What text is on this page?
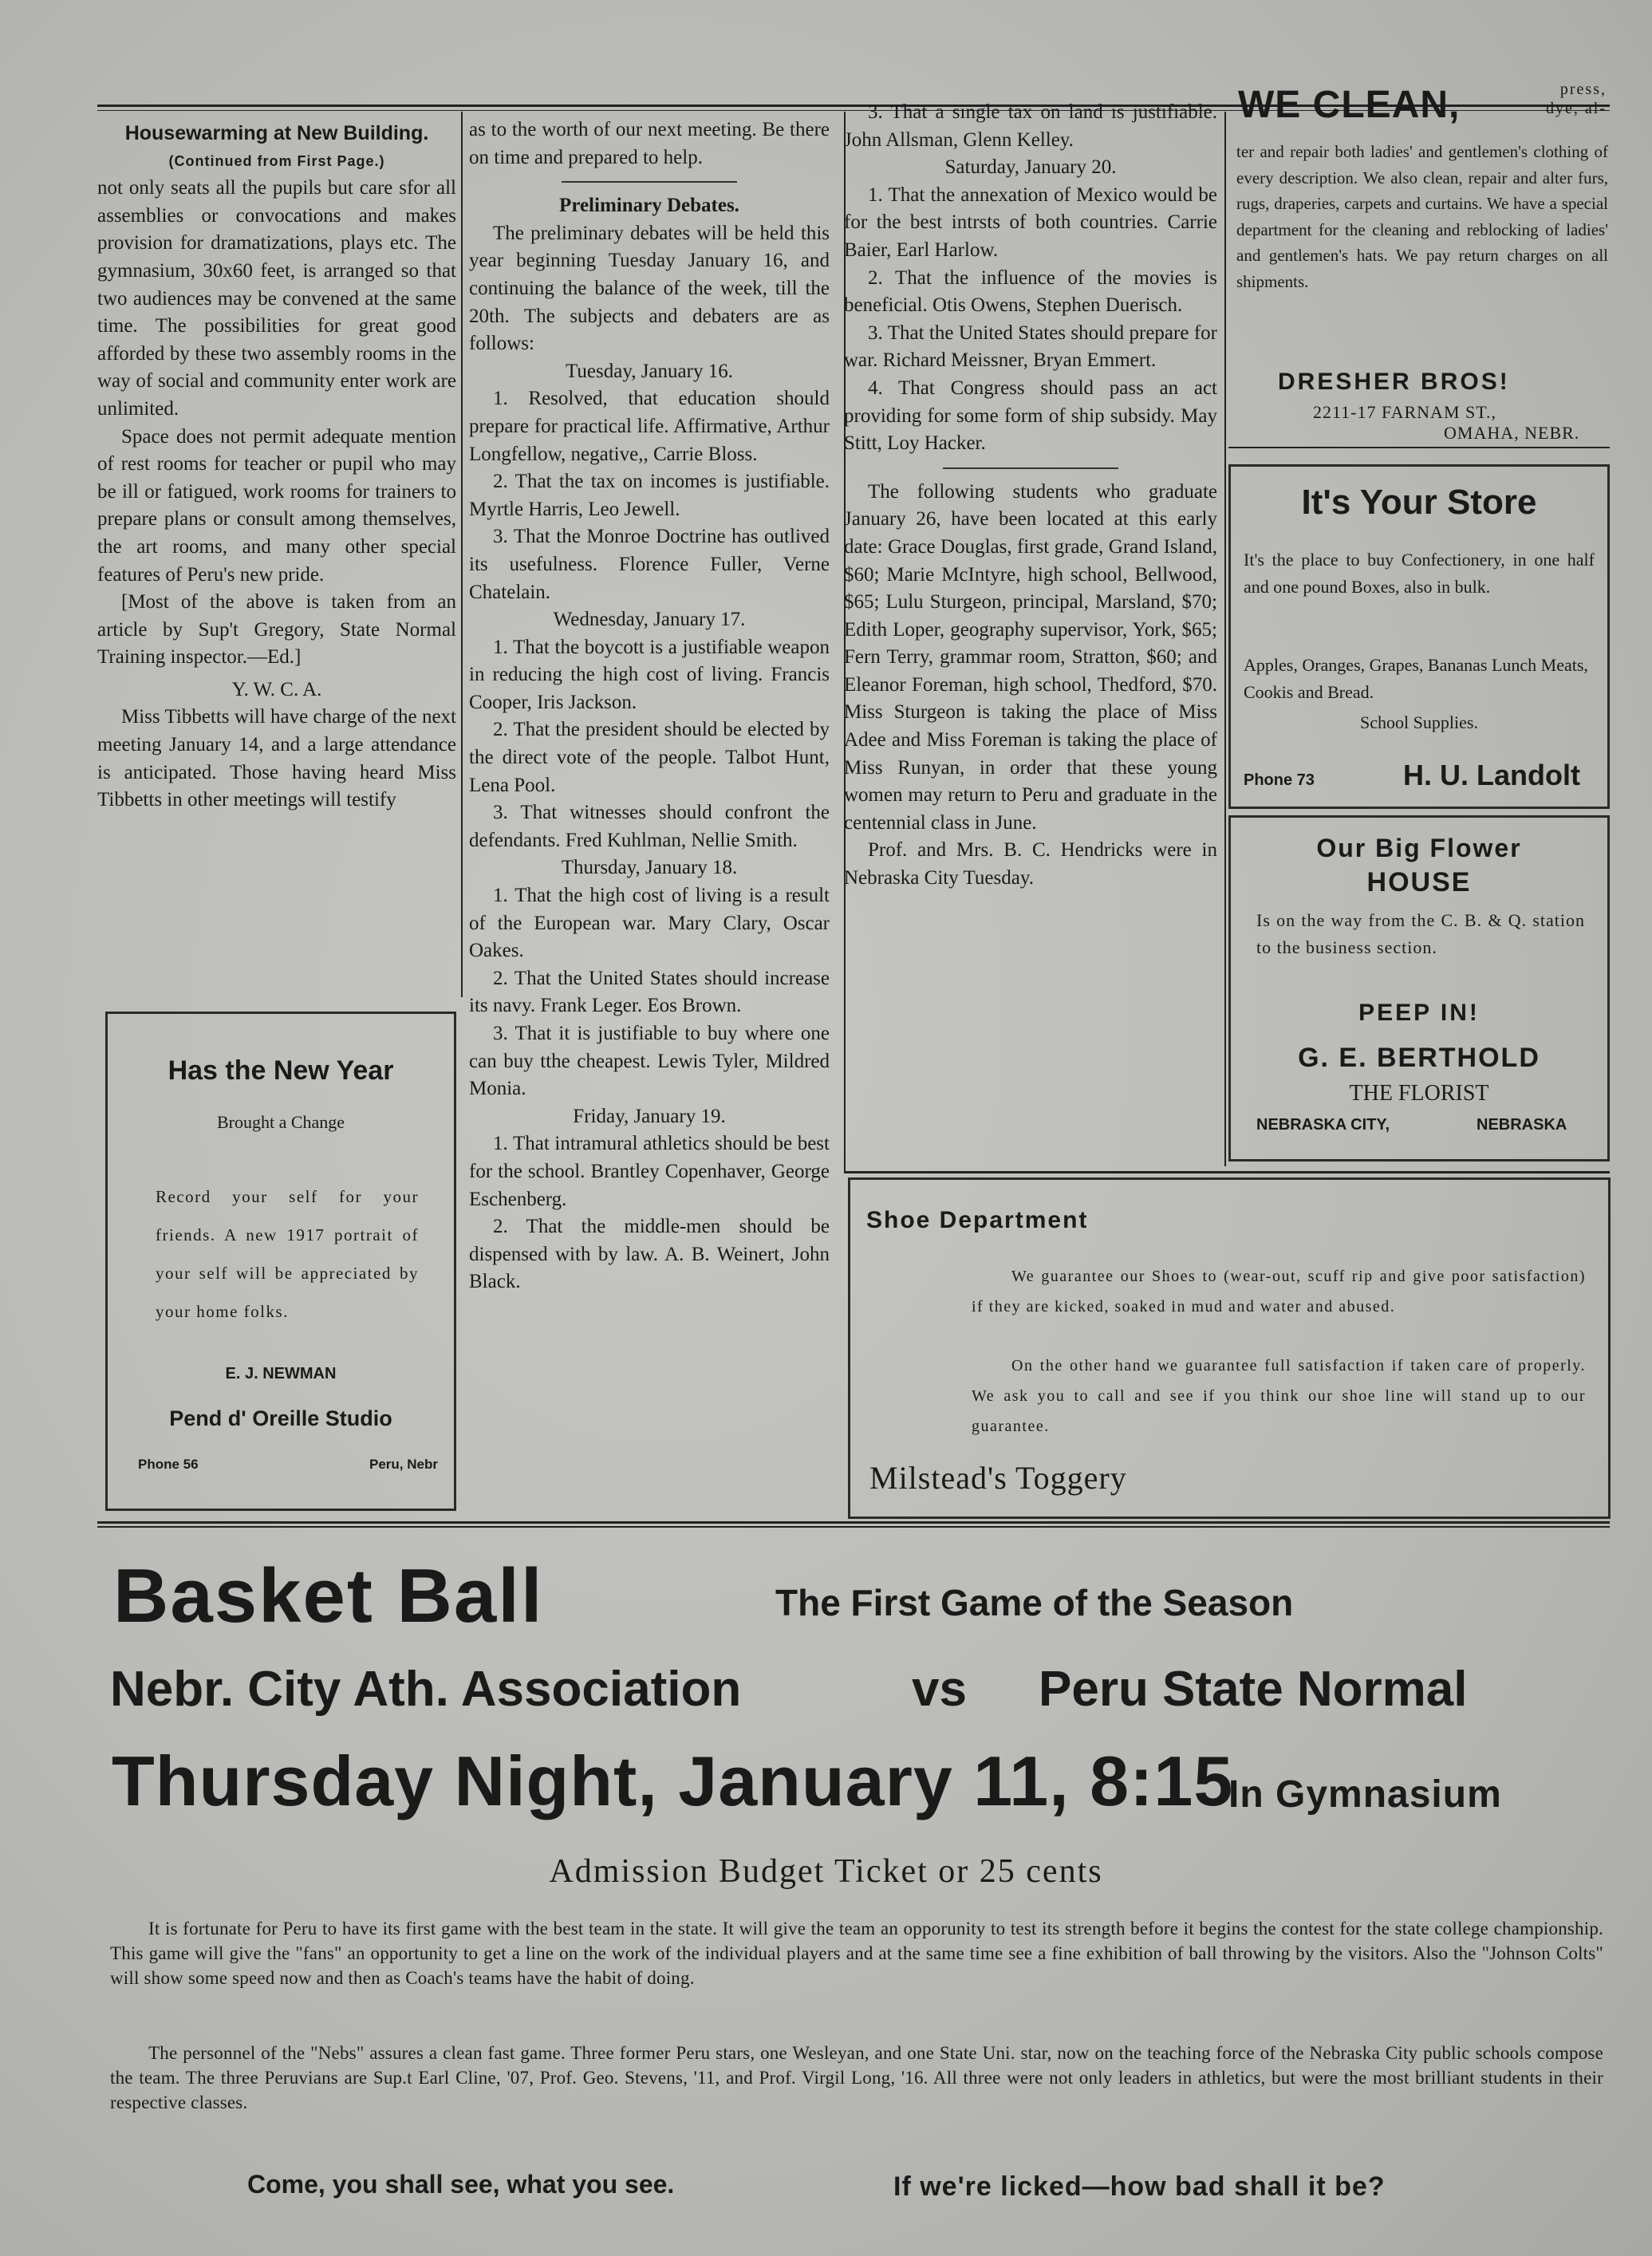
Housewarming at New Building.

(Continued from First Page.)

not only seats all the pupils but care sfor all assemblies or convocations and makes provision for dramatizations, plays etc. The gymnasium, 30x60 feet, is arranged so that two audiences may be convened at the same time. The possibilities for great good afforded by these two assembly rooms in the way of social and community enter work are unlimited.

Space does not permit adequate mention of rest rooms for teacher or pupil who may be ill or fatigued, work rooms for trainers to prepare plans or consult among themselves, the art rooms, and many other special features of Peru's new pride.

[Most of the above is taken from an article by Sup't Gregory, State Normal Training inspector.—Ed.]

Y. W. C. A.

Miss Tibbetts will have charge of the next meeting January 14, and a large attendance is anticipated. Those having heard Miss Tibbetts in other meetings will testify

Has the New Year
Brought a Change
Record your self for your friends. A new 1917 portrait of your self will be appreciated by your home folks.
E. J. NEWMAN
Pend d' Oreille Studio
Phone 56	Peru, Nebr

as to the worth of our next meeting. Be there on time and prepared to help.

Preliminary Debates.

The preliminary debates will be held this year beginning Tuesday January 16, and continuing the balance of the week, till the 20th. The subjects and debaters are as follows:

Tuesday, January 16.

1. Resolved, that education should prepare for practical life. Affirmative, Arthur Longfellow, negative,, Carrie Bloss.

2. That the tax on incomes is justifiable. Myrtle Harris, Leo Jewell.

3. That the Monroe Doctrine has outlived its usefulness. Florence Fuller, Verne Chatelain.

Wednesday, January 17.

1. That the boycott is a justifiable weapon in reducing the high cost of living. Francis Cooper, Iris Jackson.

2. That the president should be elected by the direct vote of the people. Talbot Hunt, Lena Pool.

3. That witnesses should confront the defendants. Fred Kuhlman, Nellie Smith.

Thursday, January 18.

1. That the high cost of living is a result of the European war. Mary Clary, Oscar Oakes.

2. That the United States should increase its navy. Frank Leger. Eos Brown.

3. That it is justifiable to buy where one can buy tthe cheapest. Lewis Tyler, Mildred Monia.

Friday, January 19.

1. That intramural athletics should be best for the school. Brantley Copenhaver, George Eschenberg.

2. That the middle-men should be dispensed with by law. A. B. Weinert, John Black.

3. That a single tax on land is justifiable. John Allsman, Glenn Kelley.

Saturday, January 20.

1. That the annexation of Mexico would be for the best intrsts of both countries. Carrie Baier, Earl Harlow.

2. That the influence of the movies is beneficial. Otis Owens, Stephen Duerisch.

3. That the United States should prepare for war. Richard Meissner, Bryan Emmert.

4. That Congress should pass an act providing for some form of ship subsidy. May Stitt, Loy Hacker.

The following students who graduate January 26, have been located at this early date: Grace Douglas, first grade, Grand Island, $60; Marie McIntyre, high school, Bellwood, $65; Lulu Sturgeon, principal, Marsland, $70; Edith Loper, geography supervisor, York, $65; Fern Terry, grammar room, Stratton, $60; and Eleanor Foreman, high school, Thedford, $70. Miss Sturgeon is taking the place of Miss Adee and Miss Foreman is taking the place of Miss Runyan, in order that these young women may return to Peru and graduate in the centennial class in June.

Prof. and Mrs. B. C. Hendricks were in Nebraska City Tuesday.

WE CLEAN,	press, dye, al-
ter and repair both ladies' and gentlemen's clothing of every description. We also clean, repair and alter furs, rugs, draperies, carpets and curtains. We have a special department for the cleaning and reblocking of ladies' and gentlemen's hats. We pay return charges on all shipments.
DRESHER BROS!
2211-17 FARNAM ST.,
OMAHA, NEBR.
It's Your Store
It's the place to buy Confectionery, in one half and one pound Boxes, also in bulk.
Apples, Oranges, Grapes, Bananas Lunch Meats, Cookis and Bread.
School Supplies.
Phone 73	H. U. Landolt
Our Big Flower
HOUSE
Is on the way from the C. B. & Q. station to the business section.
PEEP IN!
G. E. BERTHOLD
THE FLORIST
NEBRASKA CITY,	NEBRASKA
Shoe Department
We guarantee our Shoes to (wear-out, scuff rip and give poor satisfaction) if they are kicked, soaked in mud and water and abused.
On the other hand we guarantee full satisfaction if taken care of properly. We ask you to call and see if you think our shoe line will stand up to our guarantee.
Milstead's Toggery
Basket Ball	The First Game of the Season
Nebr. City Ath. Association	vs Peru State Normal
Thursday Night, January 11, 8:15
In Gymnasium
Admission Budget Ticket or 25 cents
It is fortunate for Peru to have its first game with the best team in the state. It will give the team an opporunity to test its strength before it begins the contest for the state college championship. This game will give the "fans" an opportunity to get a line on the work of the individual players and at the same time see a fine exhibition of ball throwing by the visitors. Also the "Johnson Colts" will show some speed now and then as Coach's teams have the habit of doing.
The personnel of the "Nebs" assures a clean fast game. Three former Peru stars, one Wesleyan, and one State Uni. star, now on the teaching force of the Nebraska City public schools compose the team. The three Peruvians are Sup.t Earl Cline, '07, Prof. Geo. Stevens, '11, and Prof. Virgil Long, '16. All three were not only leaders in athletics, but were the most brilliant students in their respective classes.
Come, you shall see, what you see.	If we're licked—how bad shall it be?
